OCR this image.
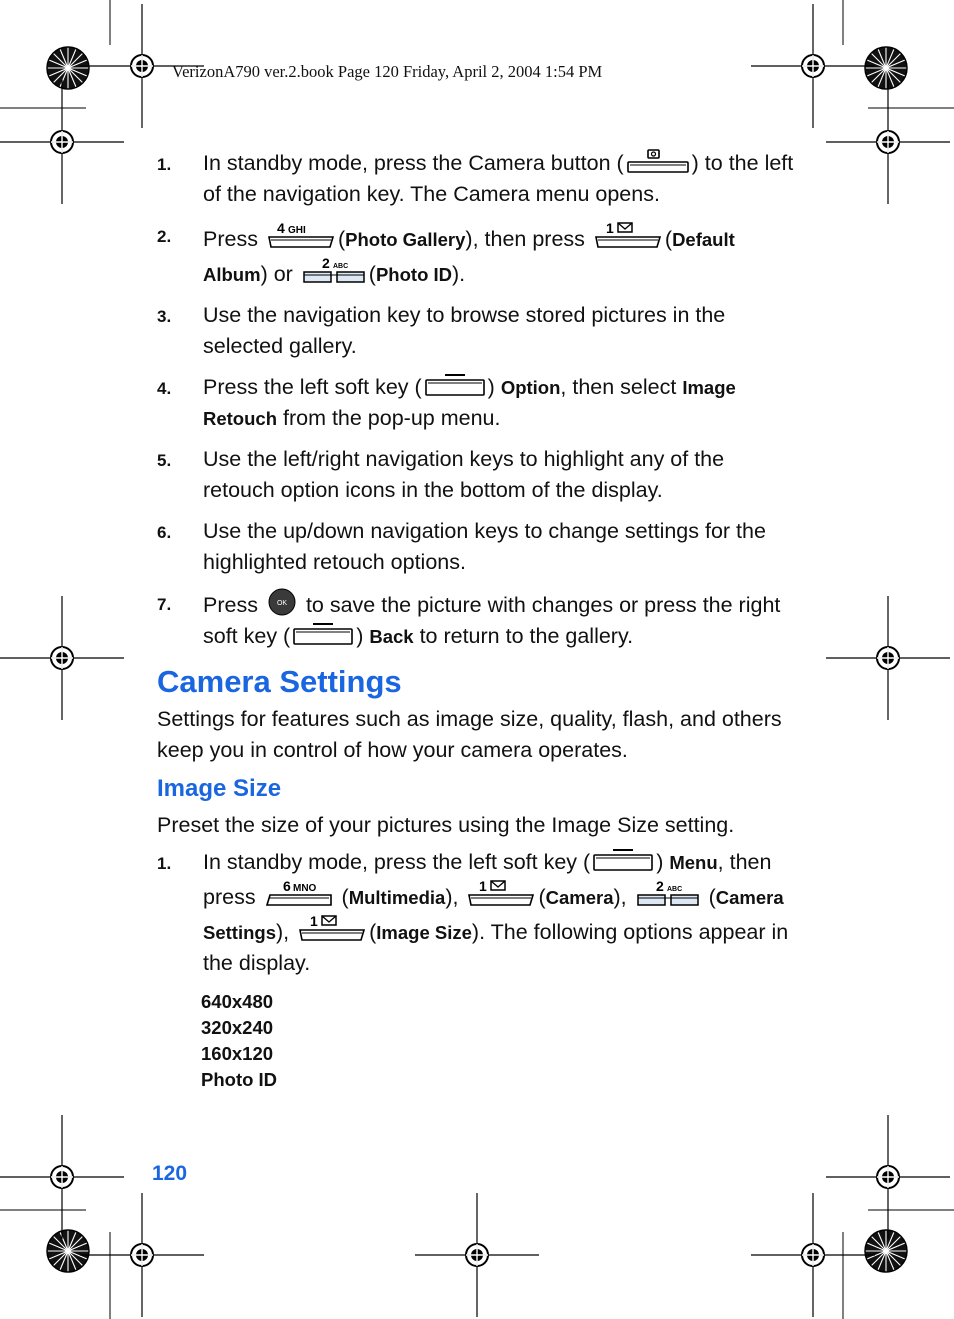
VerizonA790 ver.2.book Page 120 Friday, April 2, 2004 1:54 PM
1. In standby mode, press the Camera button (	) to the left of the navigation key. The Camera menu opens.
2. Press 4 GHI (Photo Gallery), then press 1 (Default Album) or 2 ABC (Photo ID).
3. Use the navigation key to browse stored pictures in the selected gallery.
4. Press the left soft key (	) Option, then select Image Retouch from the pop-up menu.
5. Use the left/right navigation keys to highlight any of the retouch option icons in the bottom of the display.
6. Use the up/down navigation keys to change settings for the highlighted retouch options.
7. Press	OK to save the picture with changes or press the right soft key (	) Back to return to the gallery.
Camera Settings

Settings for features such as image size, quality, flash, and others keep you in control of how your camera operates.

Image Size

Preset the size of your pictures using the Image Size setting.

1. In standby mode, press the left soft key (	) Menu, then press 6 MNO (Multimedia), 1 (Camera), 2 ABC (Camera Settings), 1 (Image Size). The following options appear in the display.
640x480
320x240
160x120
Photo ID
120
